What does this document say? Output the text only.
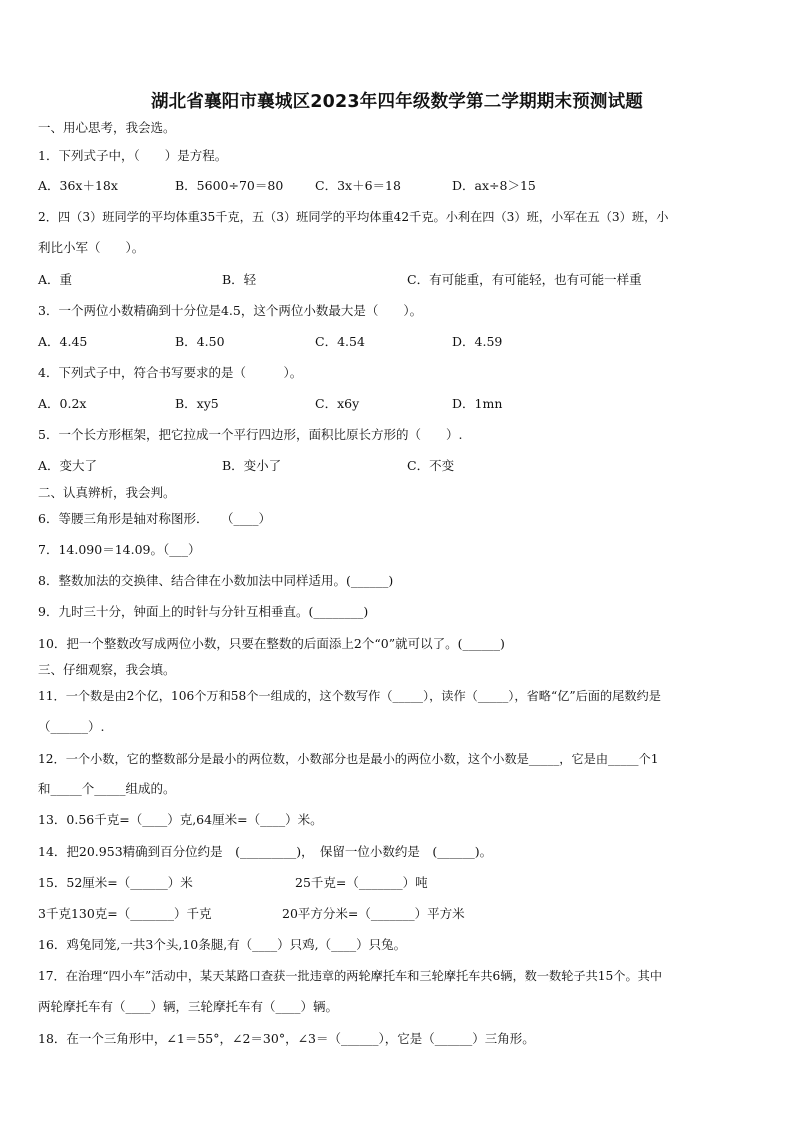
湖北省襄阳市襄城区2023年四年级数学第二学期期末预测试题
一、用心思考，我会选。
1．下列式子中，（　　）是方程。
A．36x＋18x	B．5600÷70＝80	C．3x＋6＝18	D．ax÷8＞15
2．四（3）班同学的平均体重35千克，五（3）班同学的平均体重42千克。小利在四（3）班，小军在五（3）班，小
利比小军（　　）。
A．重	B．轻	C．有可能重，有可能轻，也有可能一样重
3．一个两位小数精确到十分位是4.5，这个两位小数最大是（　　）。
A．4.45	B．4.50	C．4.54	D．4.59
4．下列式子中，符合书写要求的是（　　　）。
A．0.2x	B．xy5	C．x6y	D．1mn
5．一个长方形框架，把它拉成一个平行四边形，面积比原长方形的（　　）.
A．变大了	B．变小了	C．不变
二、认真辨析，我会判。
6．等腰三角形是轴对称图形．　　（____）
7．14.090＝14.09。（___）
8．整数加法的交换律、结合律在小数加法中同样适用。(______)
9．九时三十分，钟面上的时针与分针互相垂直。(________)
10．把一个整数改写成两位小数，只要在整数的后面添上2个“0”就可以了。(______)
三、仔细观察，我会填。
11．一个数是由2个亿，106个万和58个一组成的，这个数写作（_____），读作（_____），省略“亿”后面的尾数约是
（______）.
12．一个小数，它的整数部分是最小的两位数，小数部分也是最小的两位小数，这个小数是_____，它是由_____个1
和_____个_____组成的。
13．0.56千克=（____）克,64厘米=（____）米。
14．把20.953精确到百分位约是　(_________)，　保留一位小数约是　(______)。
15．52厘米=（______）米	25千克=（_______）吨
3千克130克=（_______）千克	20平方分米=（_______）平方米
16．鸡兔同笼,一共3个头,10条腿,有（____）只鸡,（____）只兔。
17．在治理“四小车”活动中，某天某路口查获一批违章的两轮摩托车和三轮摩托车共6辆，数一数轮子共15个。其中
两轮摩托车有（____）辆，三轮摩托车有（____）辆。
18．在一个三角形中，∠1＝55°，∠2＝30°，∠3＝（______），它是（______）三角形。
